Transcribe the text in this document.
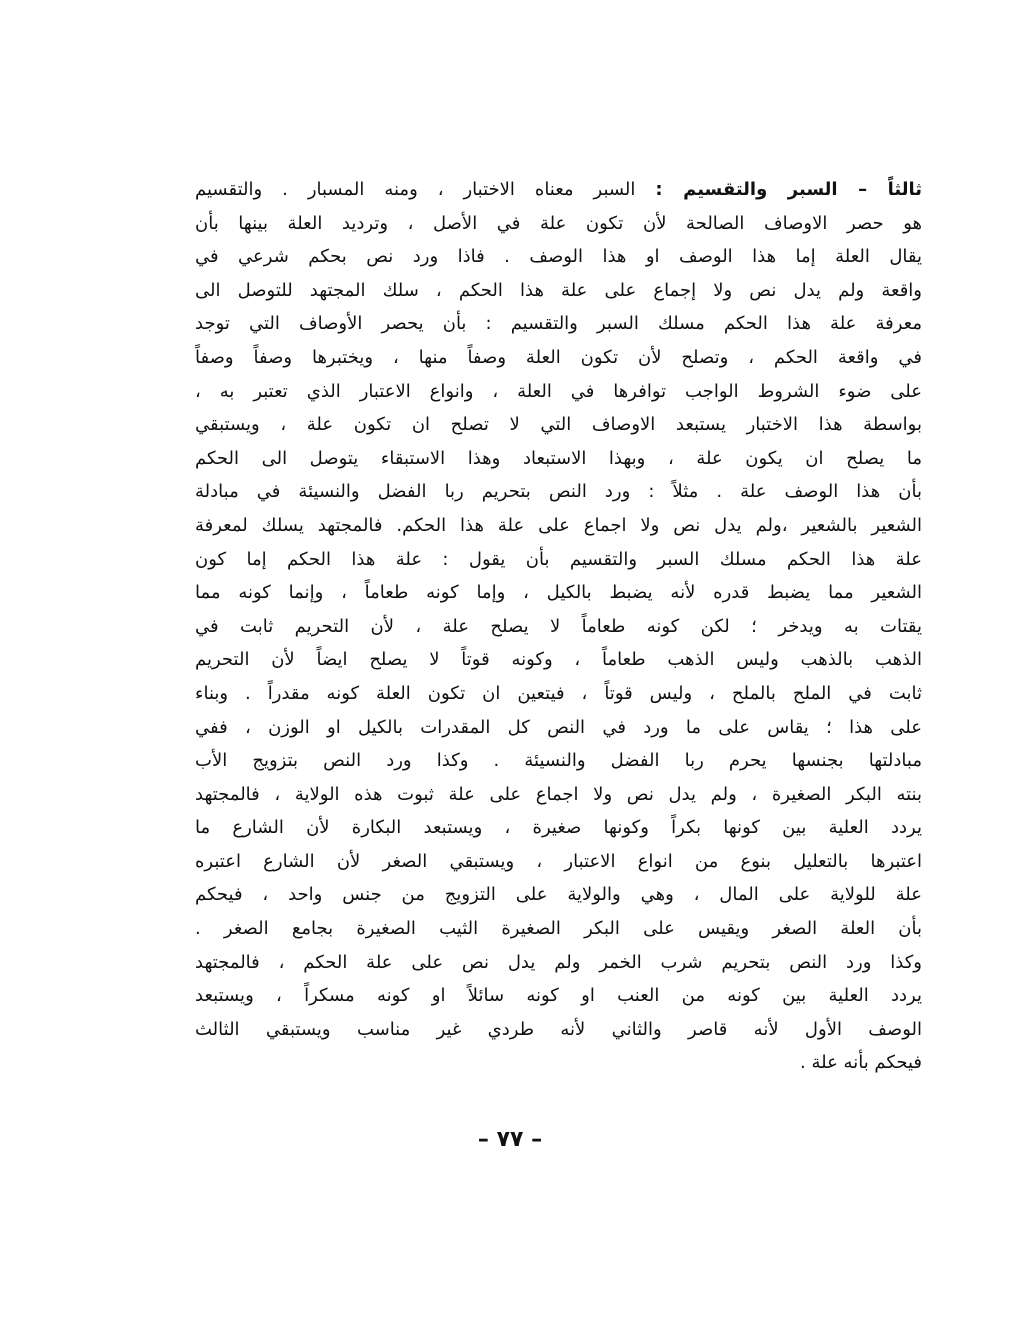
ثالثاً – السبر والتقسيم : السبر معناه الاختبار ، ومنه المسبار . والتقسيم
هو حصر الاوصاف الصالحة لأن تكون علة في الأصل ، وترديد العلة بينها بأن
يقال العلة إما هذا الوصف او هذا الوصف . فاذا ورد نص بحكم شرعي في
واقعة ولم يدل نص ولا إجماع على علة هذا الحكم ، سلك المجتهد للتوصل الى
معرفة علة هذا الحكم مسلك السبر والتقسيم : بأن يحصر الأوصاف التي توجد
في واقعة الحكم ، وتصلح لأن تكون العلة وصفاً منها ، ويختبرها وصفاً وصفاً
على ضوء الشروط الواجب توافرها في العلة ، وانواع الاعتبار الذي تعتبر به ،
بواسطة هذا الاختبار يستبعد الاوصاف التي لا تصلح ان تكون علة ، ويستبقي
ما يصلح ان يكون علة ، وبهذا الاستبعاد وهذا الاستبقاء يتوصل الى الحكم
بأن هذا الوصف علة . مثلاً : ورد النص بتحريم ربا الفضل والنسيئة في مبادلة
الشعير بالشعير ،ولم يدل نص ولا اجماع على علة هذا الحكم. فالمجتهد يسلك لمعرفة
علة هذا الحكم مسلك السبر والتقسيم بأن يقول : علة هذا الحكم إما كون
الشعير مما يضبط قدره لأنه يضبط بالكيل ، وإما كونه طعاماً ، وإنما كونه مما
يقتات به ويدخر ؛ لكن كونه طعاماً لا يصلح علة ، لأن التحريم ثابت في
الذهب بالذهب وليس الذهب طعاماً ، وكونه قوتاً لا يصلح ايضاً لأن التحريم
ثابت في الملح بالملح ، وليس قوتاً ، فيتعين ان تكون العلة كونه مقدراً . وبناء
على هذا ؛ يقاس على ما ورد في النص كل المقدرات بالكيل او الوزن ، ففي
مبادلتها بجنسها يحرم ربا الفضل والنسيئة . وكذا ورد النص بتزويج الأب
بنته البكر الصغيرة ، ولم يدل نص ولا اجماع على علة ثبوت هذه الولاية ، فالمجتهد
يردد العلية بين كونها بكراً وكونها صغيرة ، ويستبعد البكارة لأن الشارع ما
اعتبرها بالتعليل بنوع من انواع الاعتبار ، ويستبقي الصغر لأن الشارع اعتبره
علة للولاية على المال ، وهي والولاية على التزويج من جنس واحد ، فيحكم
بأن العلة الصغر ويقيس على البكر الصغيرة الثيب الصغيرة بجامع الصغر .
وكذا ورد النص بتحريم شرب الخمر ولم يدل نص على علة الحكم ، فالمجتهد
يردد العلية بين كونه من العنب او كونه سائلاً او كونه مسكراً ، ويستبعد
الوصف الأول لأنه قاصر والثاني لأنه طردي غير مناسب ويستبقي الثالث
فيحكم بأنه علة .
– ٧٧ –
